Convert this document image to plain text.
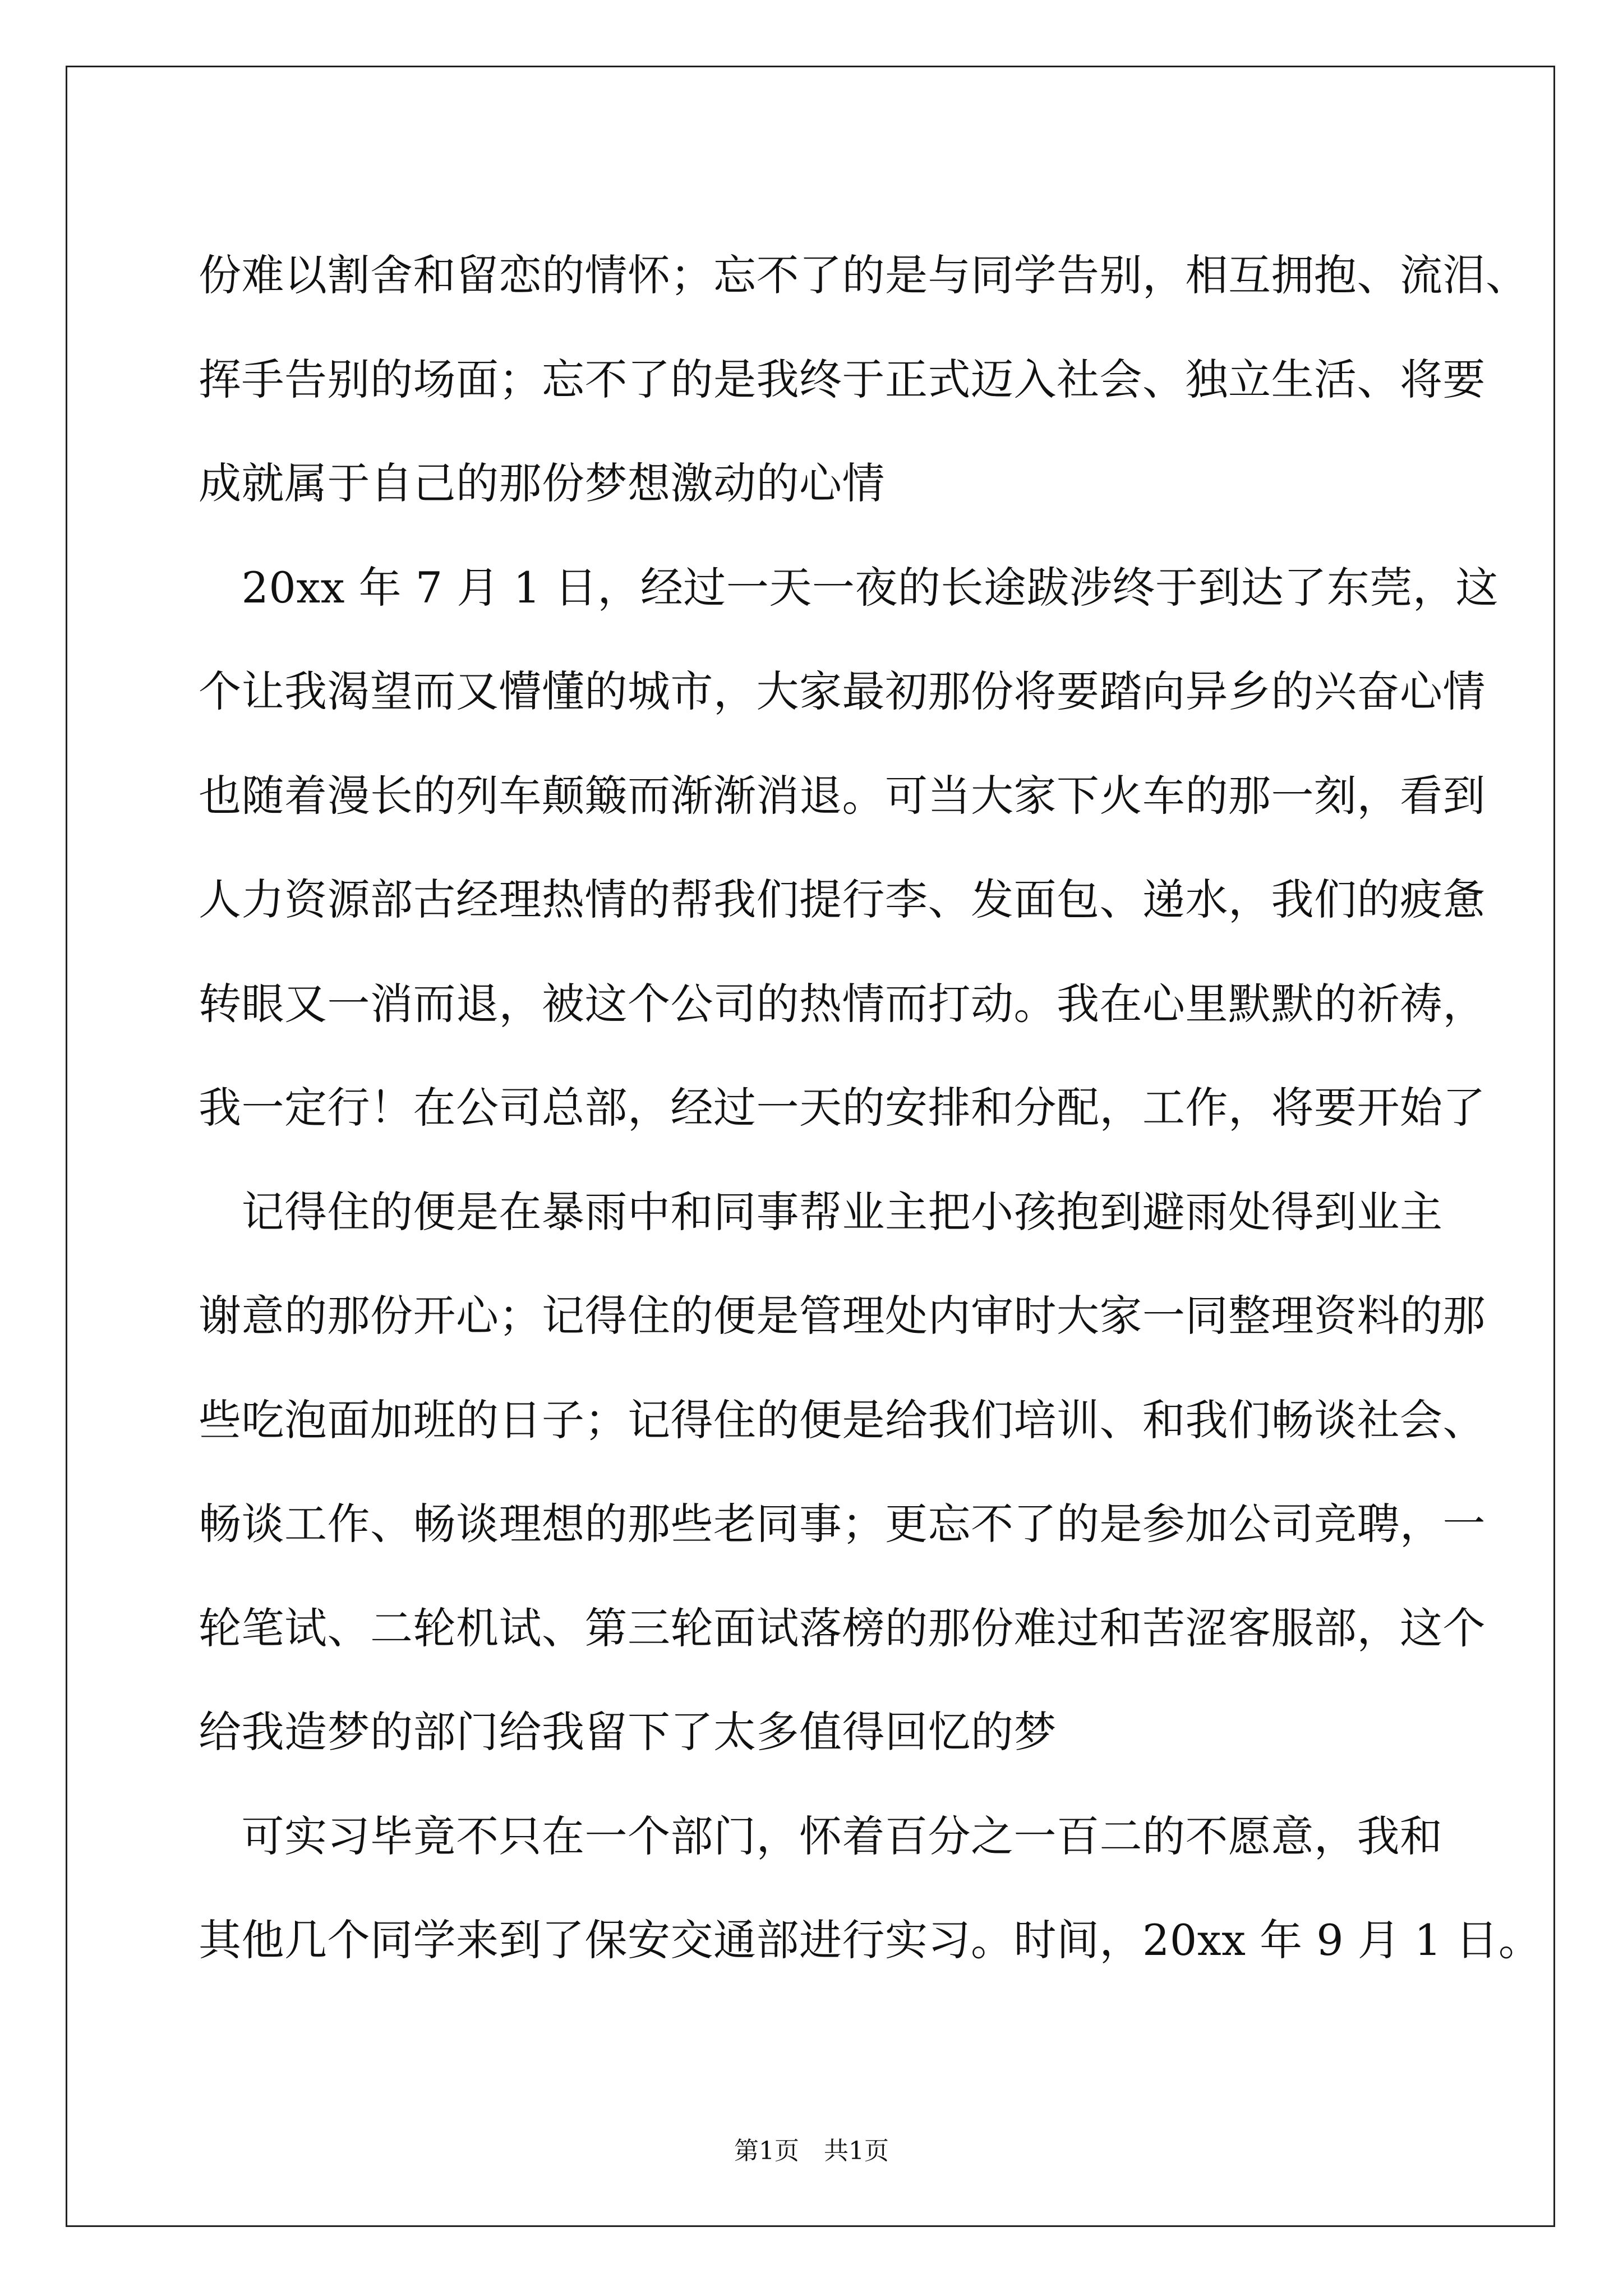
份难以割舍和留恋的情怀；忘不了的是与同学告别，相互拥抱、流泪、
挥手告别的场面；忘不了的是我终于正式迈入社会、独立生活、将要
成就属于自己的那份梦想激动的心情
　20xx 年 7 月 1 日，经过一天一夜的长途跋涉终于到达了东莞，这
个让我渴望而又懵懂的城市，大家最初那份将要踏向异乡的兴奋心情
也随着漫长的列车颠簸而渐渐消退。可当大家下火车的那一刻，看到
人力资源部古经理热情的帮我们提行李、发面包、递水，我们的疲惫
转眼又一消而退，被这个公司的热情而打动。我在心里默默的祈祷，
我一定行！在公司总部，经过一天的安排和分配，工作，将要开始了
　记得住的便是在暴雨中和同事帮业主把小孩抱到避雨处得到业主
谢意的那份开心；记得住的便是管理处内审时大家一同整理资料的那
些吃泡面加班的日子；记得住的便是给我们培训、和我们畅谈社会、
畅谈工作、畅谈理想的那些老同事；更忘不了的是参加公司竞聘，一
轮笔试、二轮机试、第三轮面试落榜的那份难过和苦涩客服部，这个
给我造梦的部门给我留下了太多值得回忆的梦
　可实习毕竟不只在一个部门，怀着百分之一百二的不愿意，我和
其他几个同学来到了保安交通部进行实习。时间，20xx 年 9 月 1 日。
第1页　共1页
